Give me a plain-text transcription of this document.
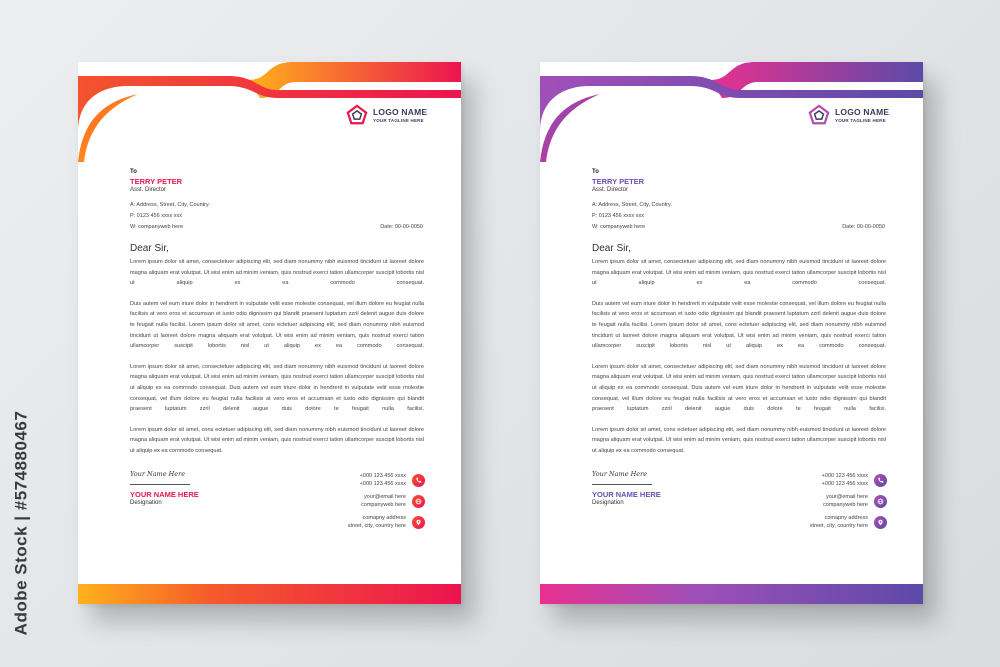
Adobe Stock | #574880467
LOGO NAME
YOUR TAGLINE HERE
To
TERRY PETER
Asst. Director
A: Address, Street, City, Country.
P: 0123 456 xxxx xxx
W: companyweb here	Date: 00-00-0050
Dear Sir,

Lorem ipsum dolor sit amet, consectetuer adipiscing elit, sed diam nonummy nibh euismod tincidunt ut laoreet dolore magna aliquam erat volutpat. Ut wisi enim ad minim veniam, quis nostrud exerci tation ullamcorper suscipit lobortis nisl ut aliquip ex ea commodo consequat.

Duis autem vel eum iriure dolor in hendrerit in vulputate velit esse molestie consequat, vel illum dolore eu feugiat nulla facilisis at vero eros et accumsan et iusto odio dignissim qui blandit praesent luptatum zzril delenit augue duis dolore te feugait nulla facilisi. Lorem ipsum dolor sit amet, cons ectetuer adipiscing elit, sed diam nonummy nibh euismod tincidunt ut laoreet dolore magna aliquam erat volutpat. Ut wisi enim ad minim veniam, quis nostrud exerci tation ullamcorper suscipit lobortis nisl ut aliquip ex ea commodo consequat.

Lorem ipsum dolor sit amet, consectetuer adipiscing elit, sed diam nonummy nibh euismod tincidunt ut laoreet dolore magna aliquam erat volutpat. Ut wisi enim ad minim veniam, quis nostrud exerci tation ullamcorper suscipit lobortis nisl ut aliquip ex ea commodo consequat. Duis autem vel eum iriure dolor in hendrerit in vulputate velit esse molestie consequat, vel illum dolore eu feugiat nulla facilisis at vero eros et accumsan et iusto odio dignissim qui blandit praesent luptatum zzril delenit augue duis dolore te feugait nulla facilisi.

Lorem ipsum dolor sit amet, cons ectetuer adipiscing elit, sed diam nonummy nibh euismod tincidunt ut laoreet dolore magna aliquam erat volutpat. Ut wisi enim ad minim veniam, quis nostrud exerci tation ullamcorper suscipit lobortis nisl ut aliquip ex ea commodo consequat.

Your Name Here
YOUR NAME HERE
Designation
+000 123 456 xxxx
+000 123 456 xxxx
your@email here
companyweb here
comapny address
street, city, country here
LOGO NAME
YOUR TAGLINE HERE
To
TERRY PETER
Asst. Director
A: Address, Street, City, Country.
P: 0123 456 xxxx xxx
W: companyweb here	Date: 00-00-0050
Dear Sir,

Lorem ipsum dolor sit amet, consectetuer adipiscing elit, sed diam nonummy nibh euismod tincidunt ut laoreet dolore magna aliquam erat volutpat. Ut wisi enim ad minim veniam, quis nostrud exerci tation ullamcorper suscipit lobortis nisl ut aliquip ex ea commodo consequat.

Duis autem vel eum iriure dolor in hendrerit in vulputate velit esse molestie consequat, vel illum dolore eu feugiat nulla facilisis at vero eros et accumsan et iusto odio dignissim qui blandit praesent luptatum zzril delenit augue duis dolore te feugait nulla facilisi. Lorem ipsum dolor sit amet, cons ectetuer adipiscing elit, sed diam nonummy nibh euismod tincidunt ut laoreet dolore magna aliquam erat volutpat. Ut wisi enim ad minim veniam, quis nostrud exerci tation ullamcorper suscipit lobortis nisl ut aliquip ex ea commodo consequat.

Lorem ipsum dolor sit amet, consectetuer adipiscing elit, sed diam nonummy nibh euismod tincidunt ut laoreet dolore magna aliquam erat volutpat. Ut wisi enim ad minim veniam, quis nostrud exerci tation ullamcorper suscipit lobortis nisl ut aliquip ex ea commodo consequat. Duis autem vel eum iriure dolor in hendrerit in vulputate velit esse molestie consequat, vel illum dolore eu feugiat nulla facilisis at vero eros et accumsan et iusto odio dignissim qui blandit praesent luptatum zzril delenit augue duis dolore te feugait nulla facilisi.

Lorem ipsum dolor sit amet, cons ectetuer adipiscing elit, sed diam nonummy nibh euismod tincidunt ut laoreet dolore magna aliquam erat volutpat. Ut wisi enim ad minim veniam, quis nostrud exerci tation ullamcorper suscipit lobortis nisl ut aliquip ex ea commodo consequat.

Your Name Here
YOUR NAME HERE
Designation
+000 123 456 xxxx
+000 123 456 xxxx
your@email here
companyweb here
comapny address
street, city, country here
